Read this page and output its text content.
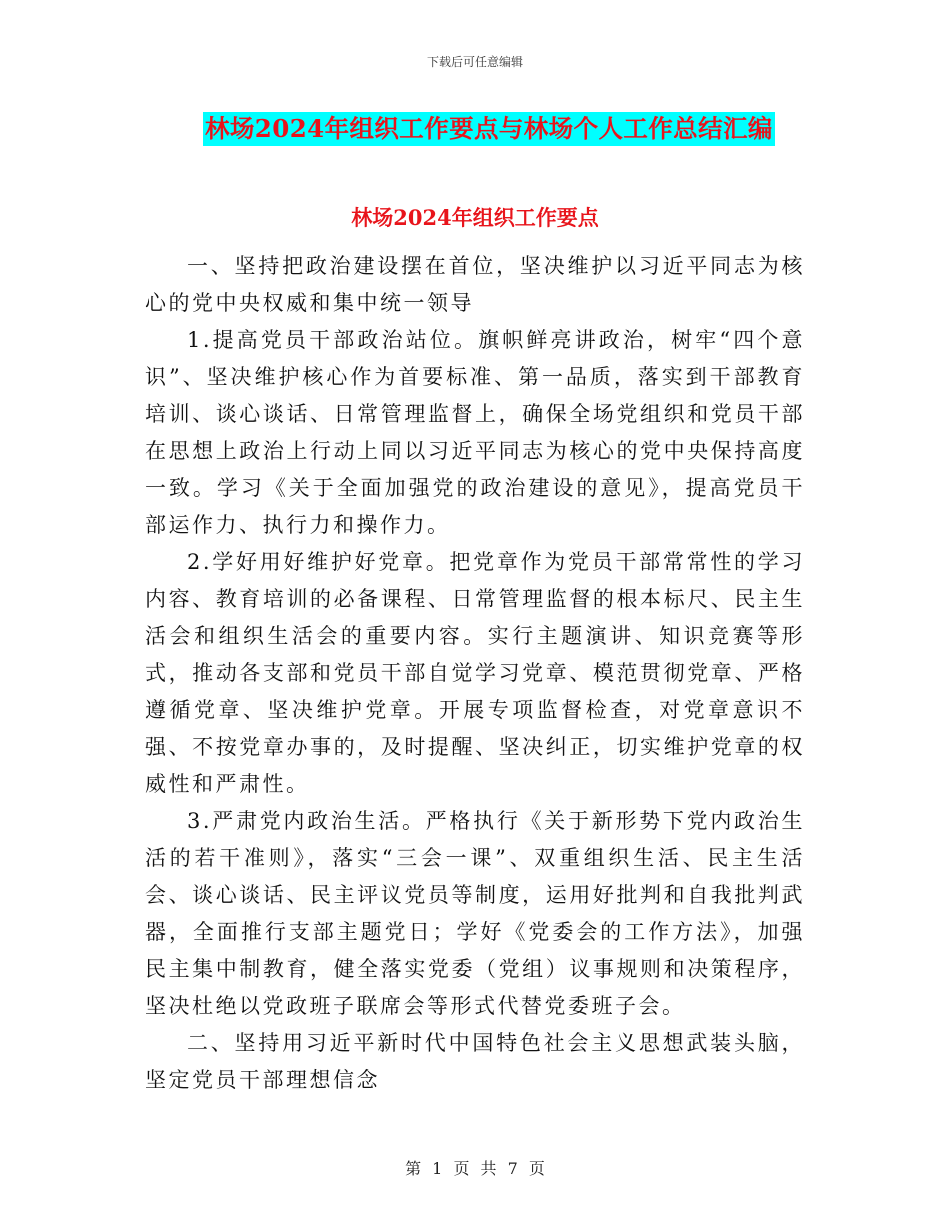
下载后可任意编辑
林场2024年组织工作要点与林场个人工作总结汇编
林场2024年组织工作要点

一、坚持把政治建设摆在首位，坚决维护以习近平同志为核心的党中央权威和集中统一领导

1.提高党员干部政治站位。旗帜鲜亮讲政治，树牢“四个意识”、坚决维护核心作为首要标准、第一品质，落实到干部教育培训、谈心谈话、日常管理监督上，确保全场党组织和党员干部在思想上政治上行动上同以习近平同志为核心的党中央保持高度一致。学习《关于全面加强党的政治建设的意见》，提高党员干部运作力、执行力和操作力。

2.学好用好维护好党章。把党章作为党员干部常常性的学习内容、教育培训的必备课程、日常管理监督的根本标尺、民主生活会和组织生活会的重要内容。实行主题演讲、知识竞赛等形式，推动各支部和党员干部自觉学习党章、模范贯彻党章、严格遵循党章、坚决维护党章。开展专项监督检查，对党章意识不强、不按党章办事的，及时提醒、坚决纠正，切实维护党章的权威性和严肃性。

3.严肃党内政治生活。严格执行《关于新形势下党内政治生活的若干准则》，落实“三会一课”、双重组织生活、民主生活会、谈心谈话、民主评议党员等制度，运用好批判和自我批判武器，全面推行支部主题党日；学好《党委会的工作方法》，加强民主集中制教育，健全落实党委（党组）议事规则和决策程序，坚决杜绝以党政班子联席会等形式代替党委班子会。

二、坚持用习近平新时代中国特色社会主义思想武装头脑，坚定党员干部理想信念

第 1 页 共 7 页
